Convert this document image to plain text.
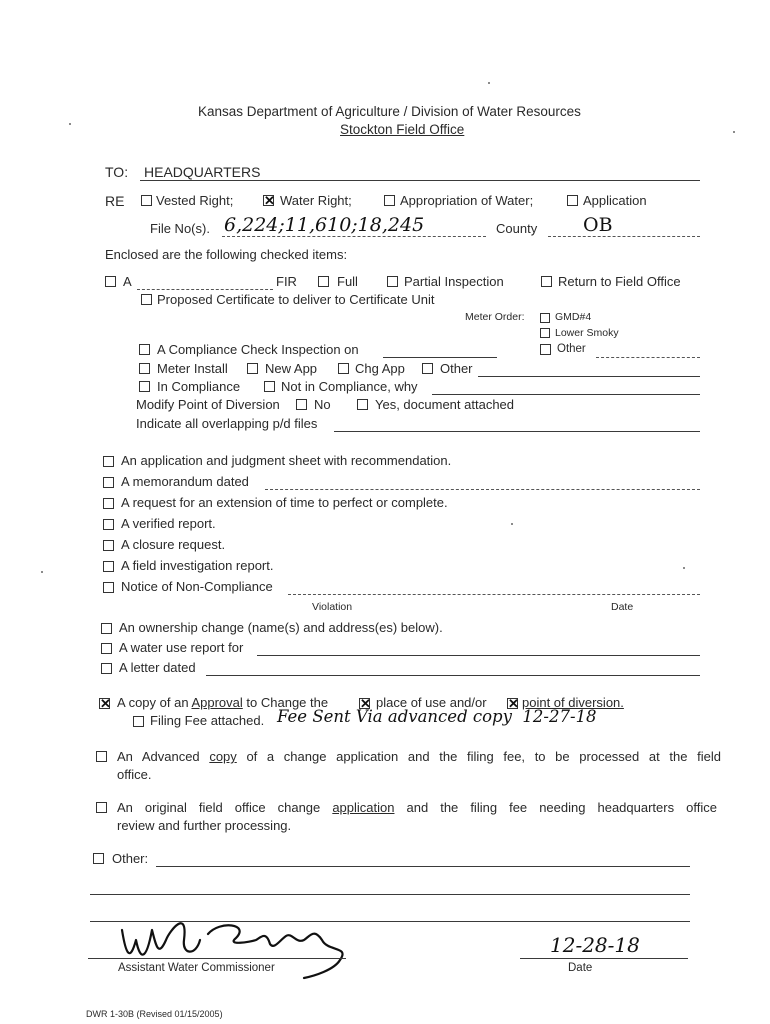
Kansas Department of Agriculture / Division of Water Resources
Stockton Field Office
TO: HEADQUARTERS
RE Vested Right; ✕ Water Right;	Appropriation of Water;	Application
File No(s). 6,224;11,610;18,245	County OB
Enclosed are the following checked items:
A	FIR	Full	Partial Inspection	Return to Field Office
Proposed Certificate to deliver to Certificate Unit
Meter Order:	GMD#4
Lower Smoky
Other
A Compliance Check Inspection on
Meter Install	New App	Chg App	Other
In Compliance	Not in Compliance, why
Modify Point of Diversion	No	Yes, document attached
Indicate all overlapping p/d files
An application and judgment sheet with recommendation.
A memorandum dated
A request for an extension of time to perfect or complete.
A verified report.
A closure request.
A field investigation report.
Notice of Non-Compliance
Violation	Date
An ownership change (name(s) and address(es) below).
A water use report for
A letter dated
✕ A copy of an Approval to Change the ✕ place of use and/or ✕ point of diversion.
Filing Fee attached. Fee Sent Via advanced copy  12-27-18
An Advanced copy of a change application and the filing fee, to be processed at the field
office.
An original field office change application and the filing fee needing headquarters office
review and further processing.
Other:
Assistant Water Commissioner
12-28-18
Date
DWR 1-30B (Revised 01/15/2005)
